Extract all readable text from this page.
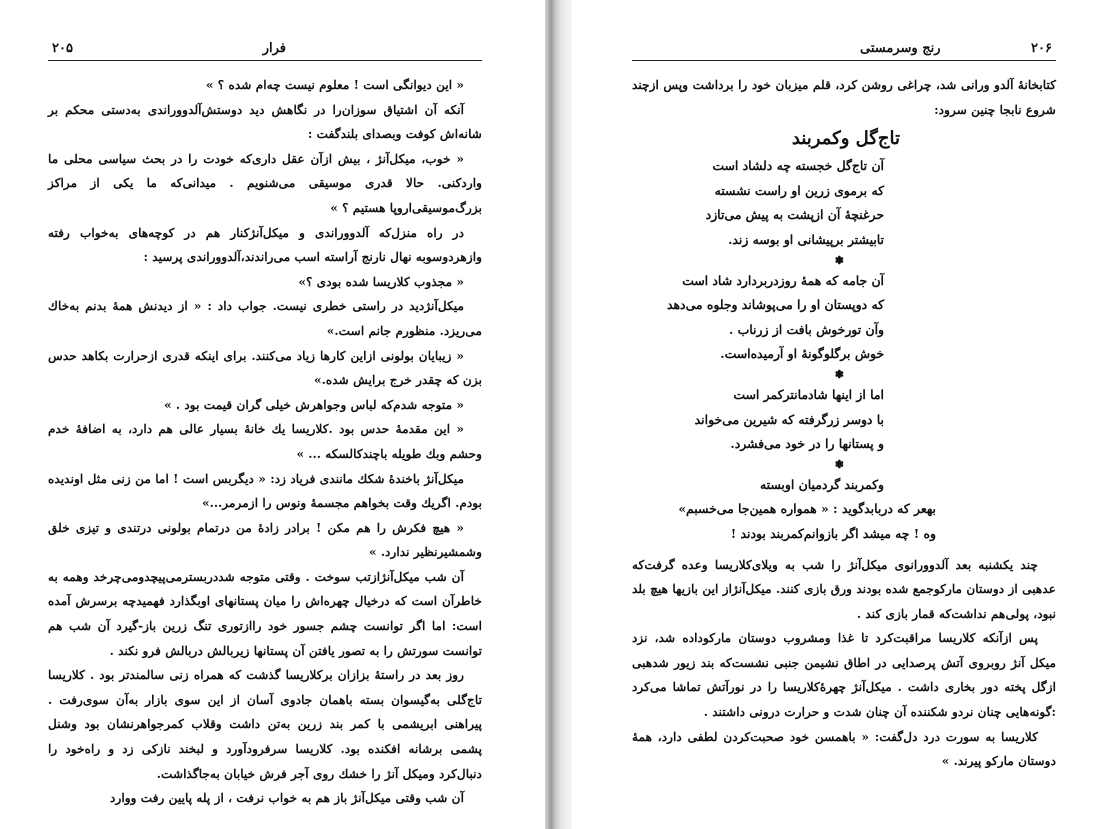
۲۰۵	فرار

« این دیوانگی است ! معلوم نیست چه‌ام شده ؟ »

آنکه آن اشتیاق سوزان‌را در نگاهش دید دوستش‌آلدووراندی به‌دستی محکم بر شانه‌اش کوفت وبصدای بلند‌گفت :

« خوب، میکل‌آنژ ، بیش ازآن عقل داری‌که خودت را در بحث سیاسی محلی ما وارد‌کنی. حالا قدری موسیقی می‌شنویم . میدانی‌که ما یکی از مراکز بزرگ‌موسیقی‌اروپا هستیم ؟ »

در راه منزل‌که آلدووراندی و میکل‌آنژکنار هم در کوچه‌های به‌خواب رفته وازهردوسوبه نهال نارنج آراسته اسب می‌راندند،آلدووراندی پرسید :

« مجذوب کلاریسا شده بودی ؟»

میکل‌آنژدید در راستی خطری نیست. جواب داد : « از دیدنش همهٔ بدنم به‌خاك می‌ریزد. منظورم جانم است.»

« زیبایان بولونی ازاین کارها زیاد می‌کنند. برای اینکه قدری ازحرارت بکاهد حدس بزن که چقدر خرج برایش شده.»

« متوجه شدم‌که لباس وجواهرش خیلی گران قیمت بود . »

« این مقدمهٔ حدس بود .کلاریسا یك خانهٔ بسیار عالی هم دارد، به اضافهٔ خدم وحشم وبك طویله باچندکالسکه ... »

میکل‌آنژ باخندهٔ شکك مانندی فریاد زد: « دیگربس است ! اما من زنی مثل اوندیده بودم. اگریك وقت بخواهم مجسمهٔ ونوس را ازمرمر...»

« هیچ فکرش را هم مکن ! برادر زادهٔ من درتمام بولونی درتندی و تیزی خلق وشمشیرنظیر ندارد. »

آن شب میکل‌آنژازتب سوخت . وقتی متوجه شددربستر‌می‌پیچدومی‌چرخد وهمه به خاطرآن است که درخیال چهره‌اش را میان پستانهای اوبگذارد فهمیدچه برسرش آمده است: اما اگر توانست چشم جسور خود راازتوری تنگ زرین باز-گیرد آن شب هم توانست سورتش را به تصور یافتن آن پستانها زیربالش دربالش فرو نکند .

روز بعد در راستهٔ بزازان بر‌کلاریسا گذشت که همراه زنی سالمندتر بود . کلاریسا تاج‌گلی به‌گیسوان بسته باهمان جادوی آسان از این سوی بازار به‌آن سوی‌رفت . پیراهنی ابریشمی با کمر بند زرین به‌تن داشت وقلاب کمرجواهرنشان بود وشنل پشمی برشانه افکنده بود. کلاریسا سرفرودآورد و لبخند نازکی زد و راه‌خود را دنبال‌کرد ومیکل آنژ را خشك روی آجر فرش خیابان به‌جاگذاشت.

آن شب وقتی میکل‌آنژ باز هم به خواب نرفت ، از پله پایین رفت ووارد

۲۰۶
رنج وسرمستی

کتابخانهٔ آلدو ورانی شد، چراغی روشن کرد، قلم میزبان خود را برداشت وپس ازچند شروع نابجا چنین سرود:

تاج‌گل وکمربند
آن تاج‌گل خجسته چه دلشاد است
که برموی زرین او راست نشسته
حرغنچهٔ آن ازپشت به پیش می‌تازد
تابیشتر برپیشانی او بوسه زند.
✽
آن جامه که همهٔ روزدربردارد شاد است
که دوپستان او را می‌پوشاند وجلوه می‌دهد
وآن تورخوش بافت از زرناب .
خوش بر‌گلوگونهٔ او آرمیده‌است.
✽
اما از اینها شادمانتر‌کمر است
با دوسر زر‌گرفته که شیرین می‌خواند
و پستانها را در خود می‌فشرد.
✽
وکمربند گردمیان اوبسته
بهعر که دربابدگوید : « همواره همین‌جا می‌خسبم»
وه ! چه میشد اگر بازوانم‌کمربند بودند !

چند یکشنبه بعد آلدوورانوی میکل‌آنژ را شب به ویلای‌کلاریسا وعده گرفت‌که عدهبی از دوستان مارکوجمع شده بودند ورق بازی کنند. میکل‌آنژاز این بازیها هیچ بلد نبود، پولی‌هم نداشت‌که قمار بازی کند .

پس ازآنکه کلاریسا مراقبت‌کرد تا غذا ومشروب دوستان مارکوداده شد، نزد میکل آنژ روبروی آتش پرصدایی در اطاق نشیمن جنبی نشست‌که بند زیور شدهبی ازگل پخته دور بخاری داشت . میکل‌آنژ چهرهٔ‌کلاریسا را در نورآتش تماشا می‌کرد :‌گونه‌هایی چنان نردو شکننده آن چنان شدت و حرارت درونی داشتند .

کلاریسا به سورت درد دل‌گفت: « باهمسن خود صحبت‌کردن لطفی دارد، همهٔ دوستان مارکو پیرند. »
